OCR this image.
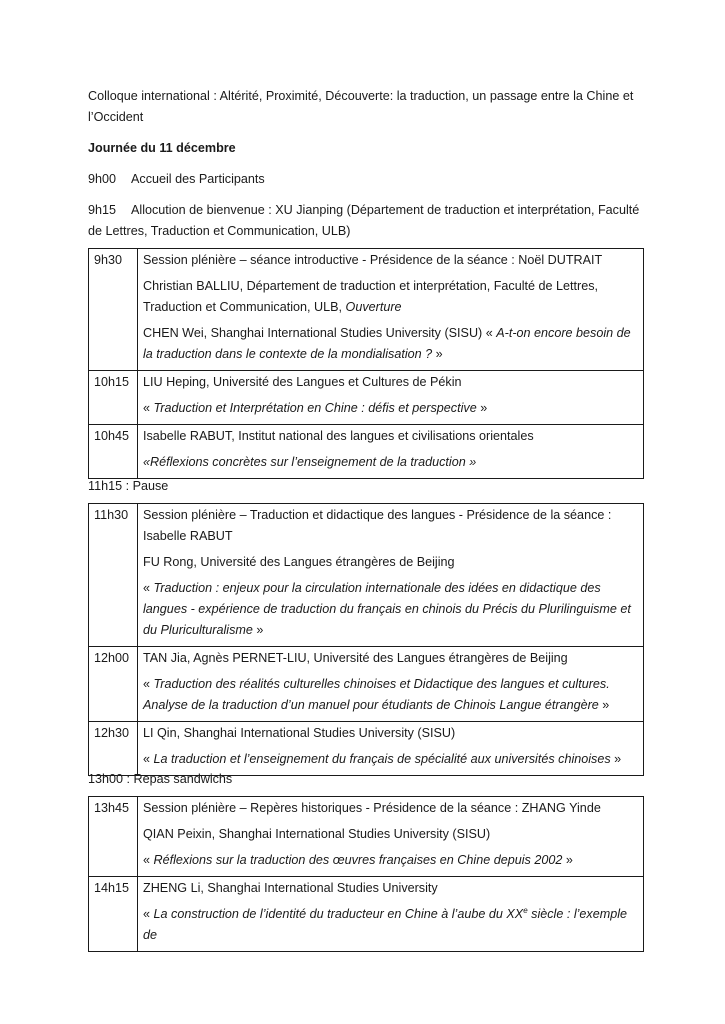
Colloque international : Altérité, Proximité, Découverte: la traduction, un passage entre la Chine et l’Occident

Journée du 11 décembre

9h00 Accueil des Participants

9h15 Allocution de bienvenue : XU Jianping (Département de traduction et interprétation, Faculté de Lettres, Traduction et Communication, ULB)

9h30	Session plénière – séance introductive - Présidence de la séance : Noël DUTRAIT

Christian BALLIU, Département de traduction et interprétation, Faculté de Lettres, Traduction et Communication, ULB, Ouverture

CHEN Wei, Shanghai International Studies University (SISU) « A-t-on encore besoin de la traduction dans le contexte de la mondialisation ? »

10h15	LIU Heping, Université des Langues et Cultures de Pékin

« Traduction et Interprétation en Chine : défis et perspective »

10h45	Isabelle RABUT, Institut national des langues et civilisations orientales

«Réflexions concrètes sur l’enseignement de la traduction »

11h15 : Pause

11h30	Session plénière – Traduction et didactique des langues - Présidence de la séance : Isabelle RABUT

FU Rong, Université des Langues étrangères de Beijing

« Traduction : enjeux pour la circulation internationale des idées en didactique des langues - expérience de traduction du français en chinois du Précis du Plurilinguisme et du Pluriculturalisme »

12h00	TAN Jia, Agnès PERNET-LIU, Université des Langues étrangères de Beijing

« Traduction des réalités culturelles chinoises et Didactique des langues et cultures. Analyse de la traduction d’un manuel pour étudiants de Chinois Langue étrangère »

12h30	LI Qin, Shanghai International Studies University (SISU)

« La traduction et l’enseignement du français de spécialité aux universités chinoises »

13h00 : Repas sandwichs

13h45	Session plénière – Repères historiques - Présidence de la séance : ZHANG Yinde

QIAN Peixin, Shanghai International Studies University (SISU)

« Réflexions sur la traduction des œuvres françaises en Chine depuis 2002 »

14h15	ZHENG Li, Shanghai International Studies University

« La construction de l’identité du traducteur en Chine à l’aube du XXe siècle : l’exemple de
